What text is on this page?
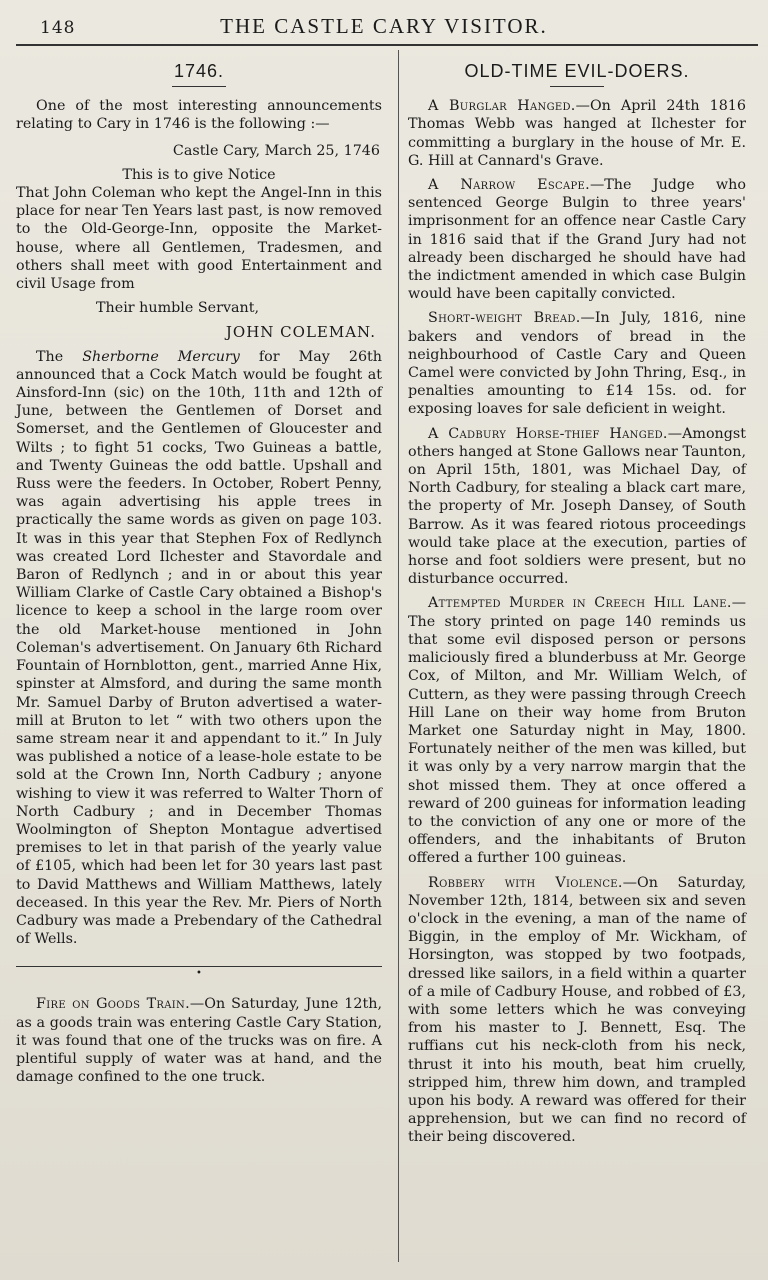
148	THE CASTLE CARY VISITOR.
1746.

One of the most interesting announcements relating to Cary in 1746 is the following :—

Castle Cary, March 25, 1746
This is to give Notice

That John Coleman who kept the Angel-Inn in this place for near Ten Years last past, is now removed to the Old-George-Inn, opposite the Market-house, where all Gentlemen, Tradesmen, and others shall meet with good Entertainment and civil Usage from

Their humble Servant,

JOHN COLEMAN.

The Sherborne Mercury for May 26th announced that a Cock Match would be fought at Ainsford-Inn (sic) on the 10th, 11th and 12th of June, between the Gentlemen of Dorset and Somerset, and the Gentlemen of Gloucester and Wilts ; to fight 51 cocks, Two Guineas a battle, and Twenty Guineas the odd battle. Upshall and Russ were the feeders. In October, Robert Penny, was again advertising his apple trees in practically the same words as given on page 103. It was in this year that Stephen Fox of Redlynch was created Lord Ilchester and Stavordale and Baron of Redlynch ; and in or about this year William Clarke of Castle Cary obtained a Bishop's licence to keep a school in the large room over the old Market-house mentioned in John Coleman's advertisement. On January 6th Richard Fountain of Hornblotton, gent., married Anne Hix, spinster at Almsford, and during the same month Mr. Samuel Darby of Bruton advertised a water-mill at Bruton to let “ with two others upon the same stream near it and appendant to it.” In July was published a notice of a lease-hole estate to be sold at the Crown Inn, North Cadbury ; anyone wishing to view it was referred to Walter Thorn of North Cadbury ; and in December Thomas Woolmington of Shepton Montague advertised premises to let in that parish of the yearly value of £105, which had been let for 30 years last past to David Matthews and William Matthews, lately deceased. In this year the Rev. Mr. Piers of North Cadbury was made a Prebendary of the Cathedral of Wells.

•

Fire on Goods Train.—On Saturday, June 12th, as a goods train was entering Castle Cary Station, it was found that one of the trucks was on fire. A plentiful supply of water was at hand, and the damage confined to the one truck.

OLD-TIME EVIL-DOERS.

A Burglar Hanged.—On April 24th 1816 Thomas Webb was hanged at Ilchester for committing a burglary in the house of Mr. E. G. Hill at Cannard's Grave.

A Narrow Escape.—The Judge who sentenced George Bulgin to three years' imprisonment for an offence near Castle Cary in 1816 said that if the Grand Jury had not already been discharged he should have had the indictment amended in which case Bulgin would have been capitally convicted.

Short-weight Bread.—In July, 1816, nine bakers and vendors of bread in the neighbourhood of Castle Cary and Queen Camel were convicted by John Thring, Esq., in penalties amounting to £14 15s. od. for exposing loaves for sale deficient in weight.

A Cadbury Horse-thief Hanged.—Amongst others hanged at Stone Gallows near Taunton, on April 15th, 1801, was Michael Day, of North Cadbury, for stealing a black cart mare, the property of Mr. Joseph Dansey, of South Barrow. As it was feared riotous proceedings would take place at the execution, parties of horse and foot soldiers were present, but no disturbance occurred.

Attempted Murder in Creech Hill Lane.—The story printed on page 140 reminds us that some evil disposed person or persons maliciously fired a blunderbuss at Mr. George Cox, of Milton, and Mr. William Welch, of Cuttern, as they were passing through Creech Hill Lane on their way home from Bruton Market one Saturday night in May, 1800. Fortunately neither of the men was killed, but it was only by a very narrow margin that the shot missed them. They at once offered a reward of 200 guineas for information leading to the conviction of any one or more of the offenders, and the inhabitants of Bruton offered a further 100 guineas.

Robbery with Violence.—On Saturday, November 12th, 1814, between six and seven o'clock in the evening, a man of the name of Biggin, in the employ of Mr. Wickham, of Horsington, was stopped by two footpads, dressed like sailors, in a field within a quarter of a mile of Cadbury House, and robbed of £3, with some letters which he was conveying from his master to J. Bennett, Esq. The ruffians cut his neck-cloth from his neck, thrust it into his mouth, beat him cruelly, stripped him, threw him down, and trampled upon his body. A reward was offered for their apprehension, but we can find no record of their being discovered.
